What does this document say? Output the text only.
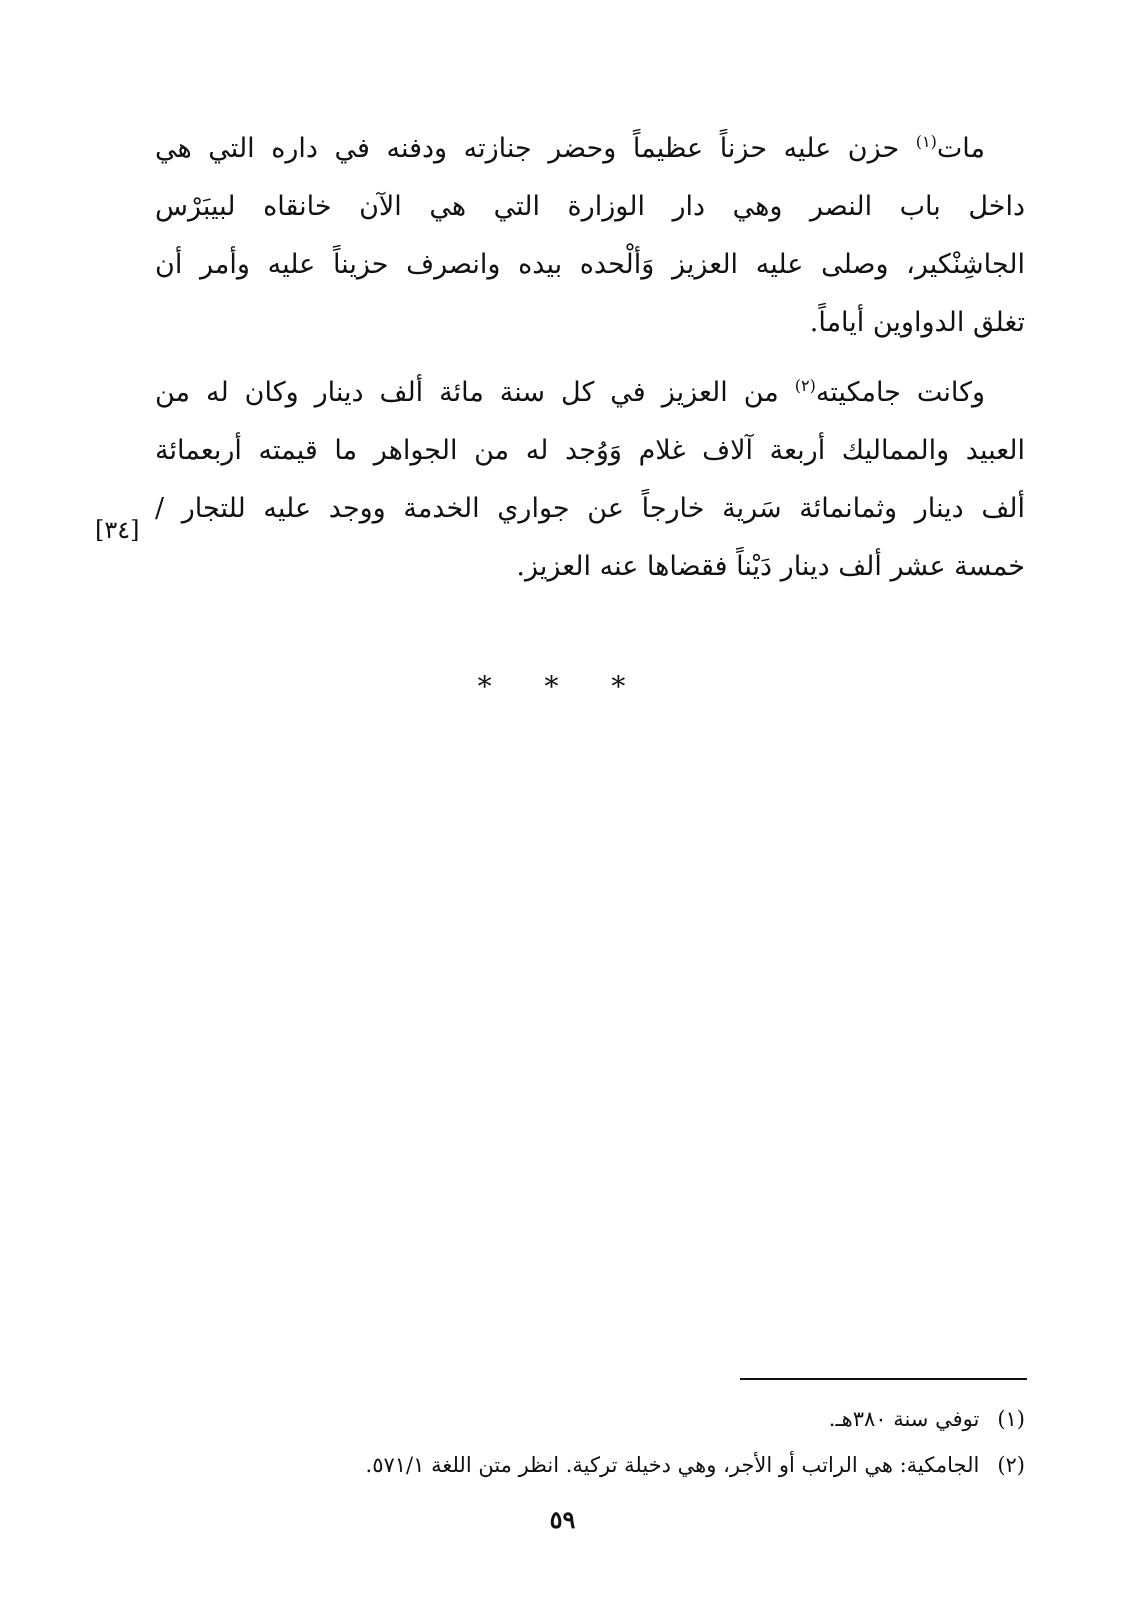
مات$^{(١)}$ حزن عليه حزناً عظيماً وحضر جنازته ودفنه في داره التي هي
داخل باب النصر وهي دار الوزارة التي هي الآن خانقاه لبيبَرْس
الجاشِنْكير، وصلى عليه العزيز وَألْحده بيده وانصرف حزيناً عليه وأمر أن
تغلق الدواوين أياماً.

وكانت جامكيته$^{(٢)}$ من العزيز في كل سنة مائة ألف دينار وكان له من
العبيد والمماليك أربعة آلاف غلام وَوُجد له من الجواهر ما قيمته أربعمائة
ألف دينار وثمانمائة سَرية خارجاً عن جواري الخدمة ووجد عليه للتجار /
خمسة عشر ألف دينار دَيْناً فقضاها عنه العزيز.

[٣٤]
* * *
(١)توفي سنة ٣٨٠هـ.
(٢)الجامكية: هي الراتب أو الأجر، وهي دخيلة تركية. انظر متن اللغة ٥٧١/١.
٥٩
